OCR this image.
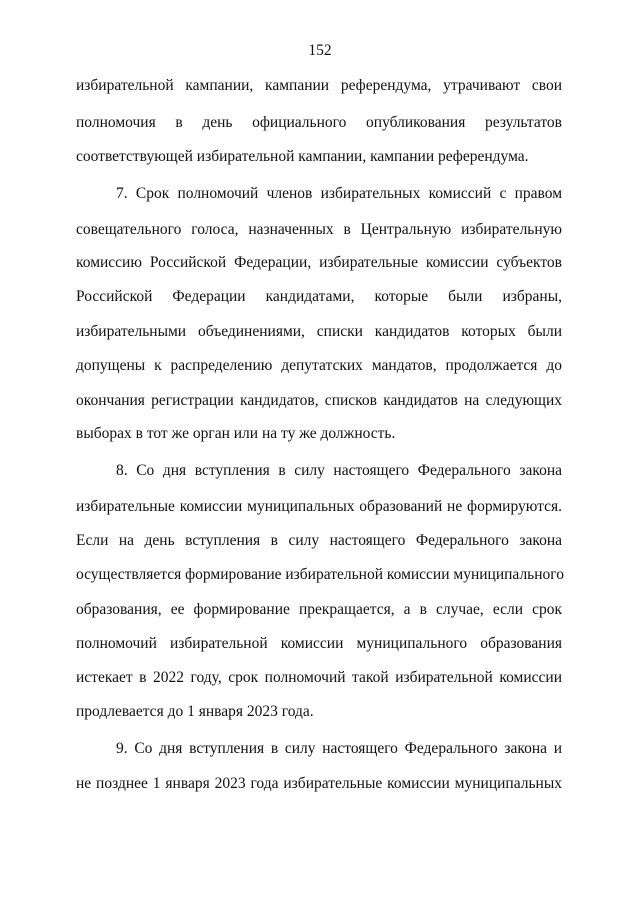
152
избирательной кампании, кампании референдума, утрачивают свои
полномочия в день официального опубликования результатов
соответствующей избирательной кампании, кампании референдума.
7. Срок полномочий членов избирательных комиссий с правом
совещательного голоса, назначенных в Центральную избирательную
комиссию Российской Федерации, избирательные комиссии субъектов
Российской Федерации кандидатами, которые были избраны,
избирательными объединениями, списки кандидатов которых были
допущены к распределению депутатских мандатов, продолжается до
окончания регистрации кандидатов, списков кандидатов на следующих
выборах в тот же орган или на ту же должность.
8. Со дня вступления в силу настоящего Федерального закона
избирательные комиссии муниципальных образований не формируются.
Если на день вступления в силу настоящего Федерального закона
осуществляется формирование избирательной комиссии муниципального
образования, ее формирование прекращается, а в случае, если срок
полномочий избирательной комиссии муниципального образования
истекает в 2022 году, срок полномочий такой избирательной комиссии
продлевается до 1 января 2023 года.
9. Со дня вступления в силу настоящего Федерального закона и
не позднее 1 января 2023 года избирательные комиссии муниципальных
